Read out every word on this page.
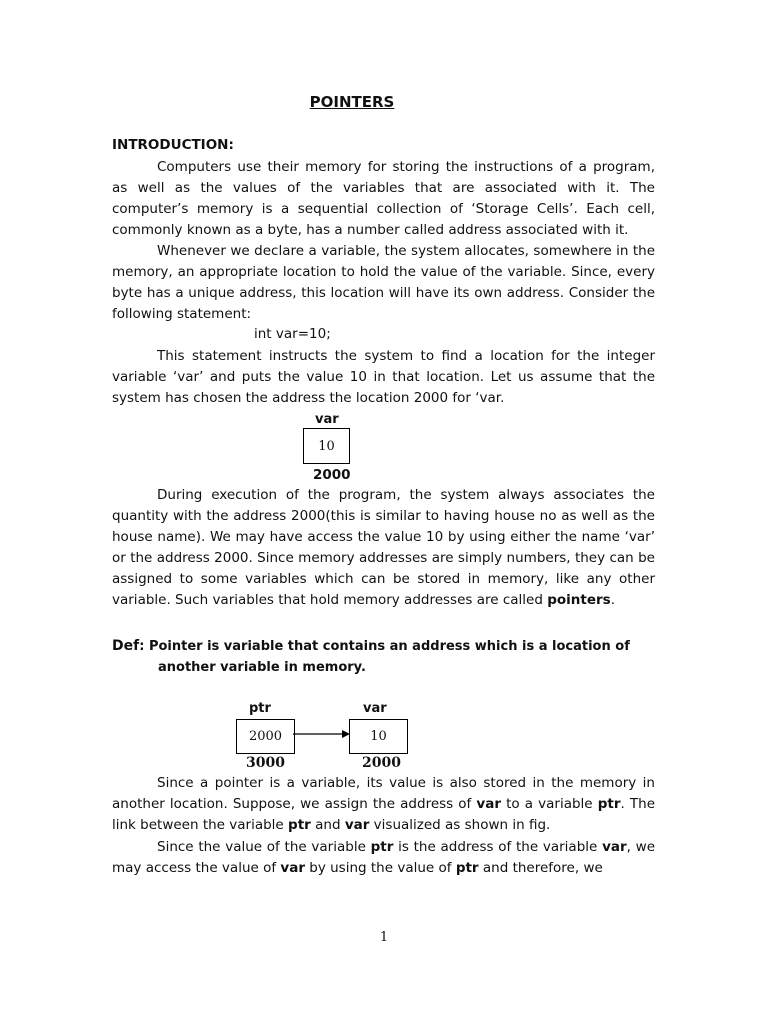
POINTERS
INTRODUCTION:

Computers use their memory for storing the instructions of a program, as well as the values of the variables that are associated with it. The computer’s memory is a sequential collection of ‘Storage Cells’. Each cell, commonly known as a byte, has a number called address associated with it.

Whenever we declare a variable, the system allocates, somewhere in the memory, an appropriate location to hold the value of the variable. Since, every byte has a unique address, this location will have its own address. Consider the following statement:

int var=10;

This statement instructs the system to find a location for the integer variable ‘var’ and puts the value 10 in that location. Let us assume that the system has chosen the address the location 2000 for ‘var.

var
10
2000

During execution of the program, the system always associates the quantity with the address 2000(this is similar to having house no as well as the house name). We may have access the value 10 by using either the name ‘var’ or the address 2000. Since memory addresses are simply numbers, they can be assigned to some variables which can be stored in memory, like any other variable. Such variables that hold memory addresses are called pointers.

Def: Pointer is variable that contains an address which is a location of
another variable in memory.
ptr	var
2000	10
3000	2000

Since a pointer is a variable, its value is also stored in the memory in another location. Suppose, we assign the address of var to a variable ptr. The link between the variable ptr and var visualized as shown in fig.

Since the value of the variable ptr is the address of the variable var, we may access the value of var by using the value of ptr and therefore, we

1
